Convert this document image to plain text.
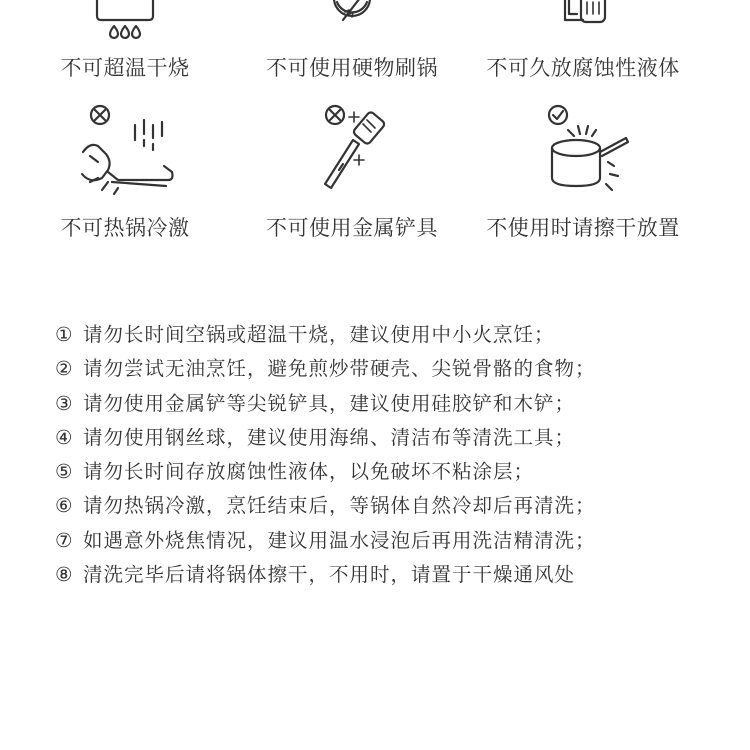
不可超温干烧	不可使用硬物刷锅	不可久放腐蚀性液体
不可热锅冷激	不可使用金属铲具	不使用时请擦干放置
① 请勿长时间空锅或超温干烧，建议使用中小火烹饪；
② 请勿尝试无油烹饪，避免煎炒带硬壳、尖锐骨骼的食物；
③ 请勿使用金属铲等尖锐铲具，建议使用硅胶铲和木铲；
④ 请勿使用钢丝球，建议使用海绵、清洁布等清洗工具；
⑤ 请勿长时间存放腐蚀性液体，以免破坏不粘涂层；
⑥ 请勿热锅冷激，烹饪结束后，等锅体自然冷却后再清洗；
⑦ 如遇意外烧焦情况，建议用温水浸泡后再用洗洁精清洗；
⑧ 清洗完毕后请将锅体擦干，不用时，请置于干燥通风处
